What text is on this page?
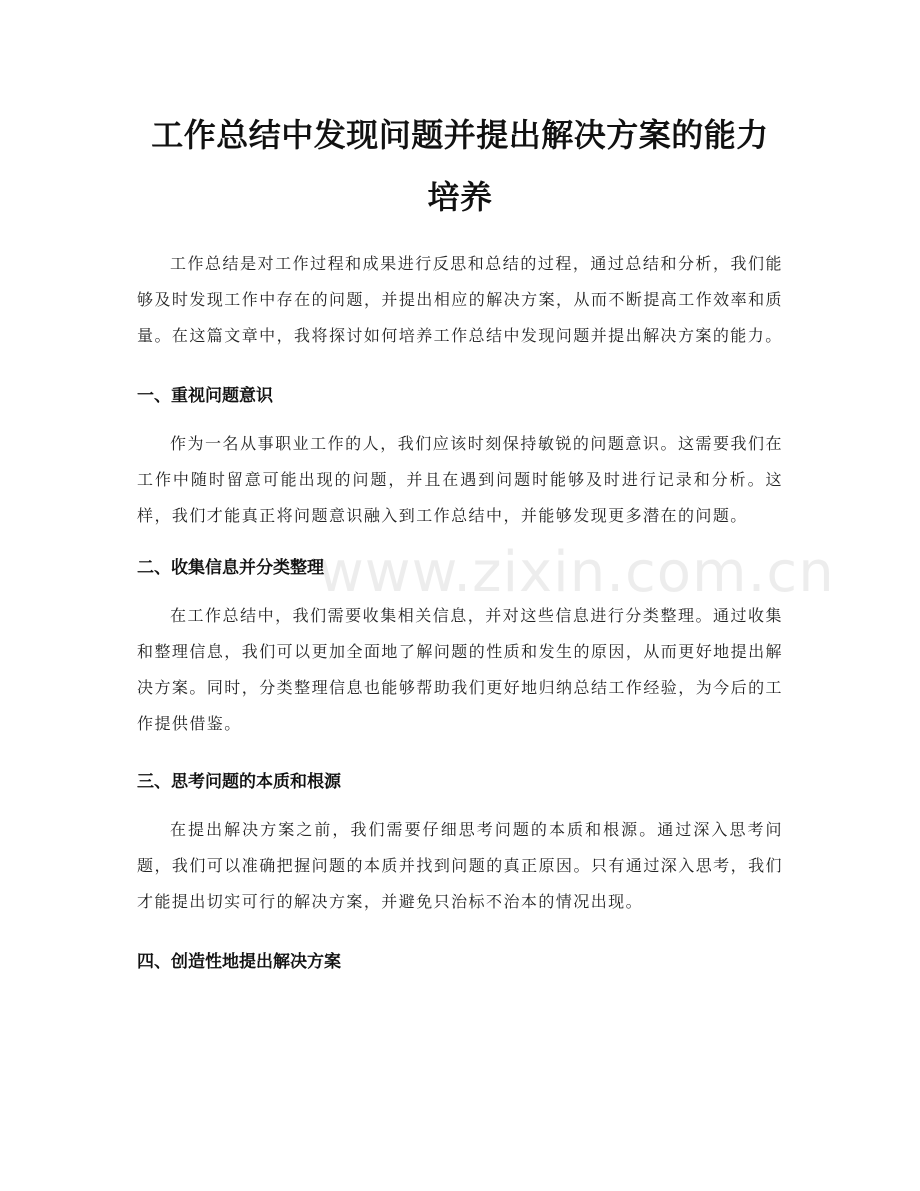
工作总结中发现问题并提出解决方案的能力
培养

工作总结是对工作过程和成果进行反思和总结的过程，通过总结和分析，我们能够及时发现工作中存在的问题，并提出相应的解决方案，从而不断提高工作效率和质量。在这篇文章中，我将探讨如何培养工作总结中发现问题并提出解决方案的能力。

一、重视问题意识

作为一名从事职业工作的人，我们应该时刻保持敏锐的问题意识。这需要我们在工作中随时留意可能出现的问题，并且在遇到问题时能够及时进行记录和分析。这样，我们才能真正将问题意识融入到工作总结中，并能够发现更多潜在的问题。

二、收集信息并分类整理

在工作总结中，我们需要收集相关信息，并对这些信息进行分类整理。通过收集和整理信息，我们可以更加全面地了解问题的性质和发生的原因，从而更好地提出解决方案。同时，分类整理信息也能够帮助我们更好地归纳总结工作经验，为今后的工作提供借鉴。

三、思考问题的本质和根源

在提出解决方案之前，我们需要仔细思考问题的本质和根源。通过深入思考问题，我们可以准确把握问题的本质并找到问题的真正原因。只有通过深入思考，我们才能提出切实可行的解决方案，并避免只治标不治本的情况出现。

四、创造性地提出解决方案
www.zixin.com.cn
